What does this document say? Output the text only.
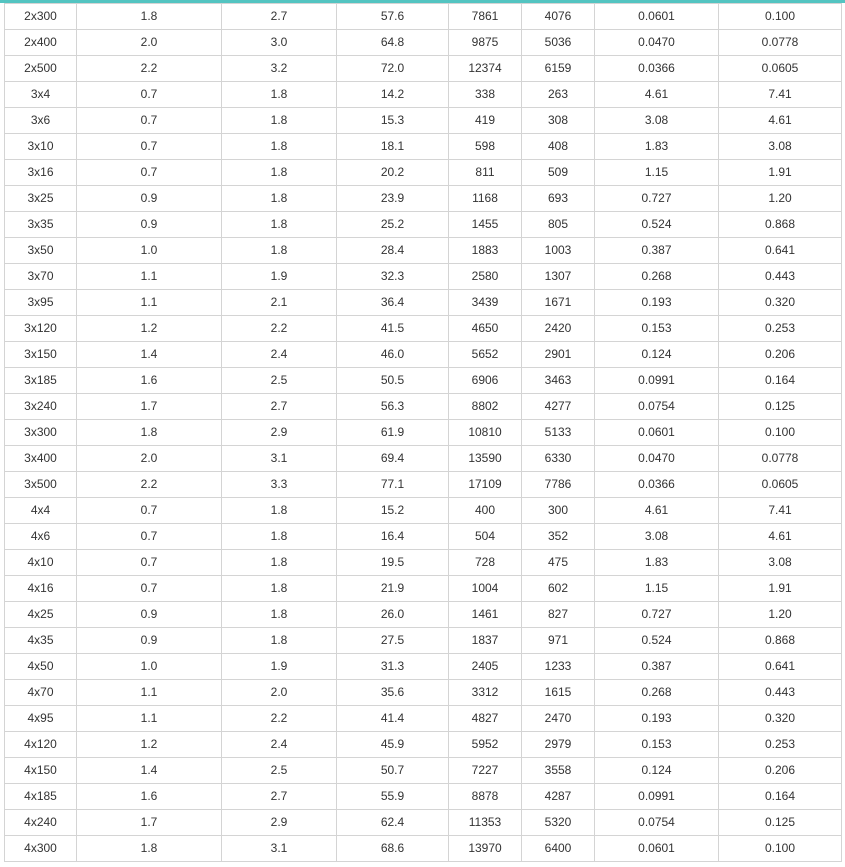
2x300	1.8	2.7	57.6	7861	4076	0.0601	0.100
2x400	2.0	3.0	64.8	9875	5036	0.0470	0.0778
2x500	2.2	3.2	72.0	12374	6159	0.0366	0.0605
3x4	0.7	1.8	14.2	338	263	4.61	7.41
3x6	0.7	1.8	15.3	419	308	3.08	4.61
3x10	0.7	1.8	18.1	598	408	1.83	3.08
3x16	0.7	1.8	20.2	811	509	1.15	1.91
3x25	0.9	1.8	23.9	1168	693	0.727	1.20
3x35	0.9	1.8	25.2	1455	805	0.524	0.868
3x50	1.0	1.8	28.4	1883	1003	0.387	0.641
3x70	1.1	1.9	32.3	2580	1307	0.268	0.443
3x95	1.1	2.1	36.4	3439	1671	0.193	0.320
3x120	1.2	2.2	41.5	4650	2420	0.153	0.253
3x150	1.4	2.4	46.0	5652	2901	0.124	0.206
3x185	1.6	2.5	50.5	6906	3463	0.0991	0.164
3x240	1.7	2.7	56.3	8802	4277	0.0754	0.125
3x300	1.8	2.9	61.9	10810	5133	0.0601	0.100
3x400	2.0	3.1	69.4	13590	6330	0.0470	0.0778
3x500	2.2	3.3	77.1	17109	7786	0.0366	0.0605
4x4	0.7	1.8	15.2	400	300	4.61	7.41
4x6	0.7	1.8	16.4	504	352	3.08	4.61
4x10	0.7	1.8	19.5	728	475	1.83	3.08
4x16	0.7	1.8	21.9	1004	602	1.15	1.91
4x25	0.9	1.8	26.0	1461	827	0.727	1.20
4x35	0.9	1.8	27.5	1837	971	0.524	0.868
4x50	1.0	1.9	31.3	2405	1233	0.387	0.641
4x70	1.1	2.0	35.6	3312	1615	0.268	0.443
4x95	1.1	2.2	41.4	4827	2470	0.193	0.320
4x120	1.2	2.4	45.9	5952	2979	0.153	0.253
4x150	1.4	2.5	50.7	7227	3558	0.124	0.206
4x185	1.6	2.7	55.9	8878	4287	0.0991	0.164
4x240	1.7	2.9	62.4	11353	5320	0.0754	0.125
4x300	1.8	3.1	68.6	13970	6400	0.0601	0.100
